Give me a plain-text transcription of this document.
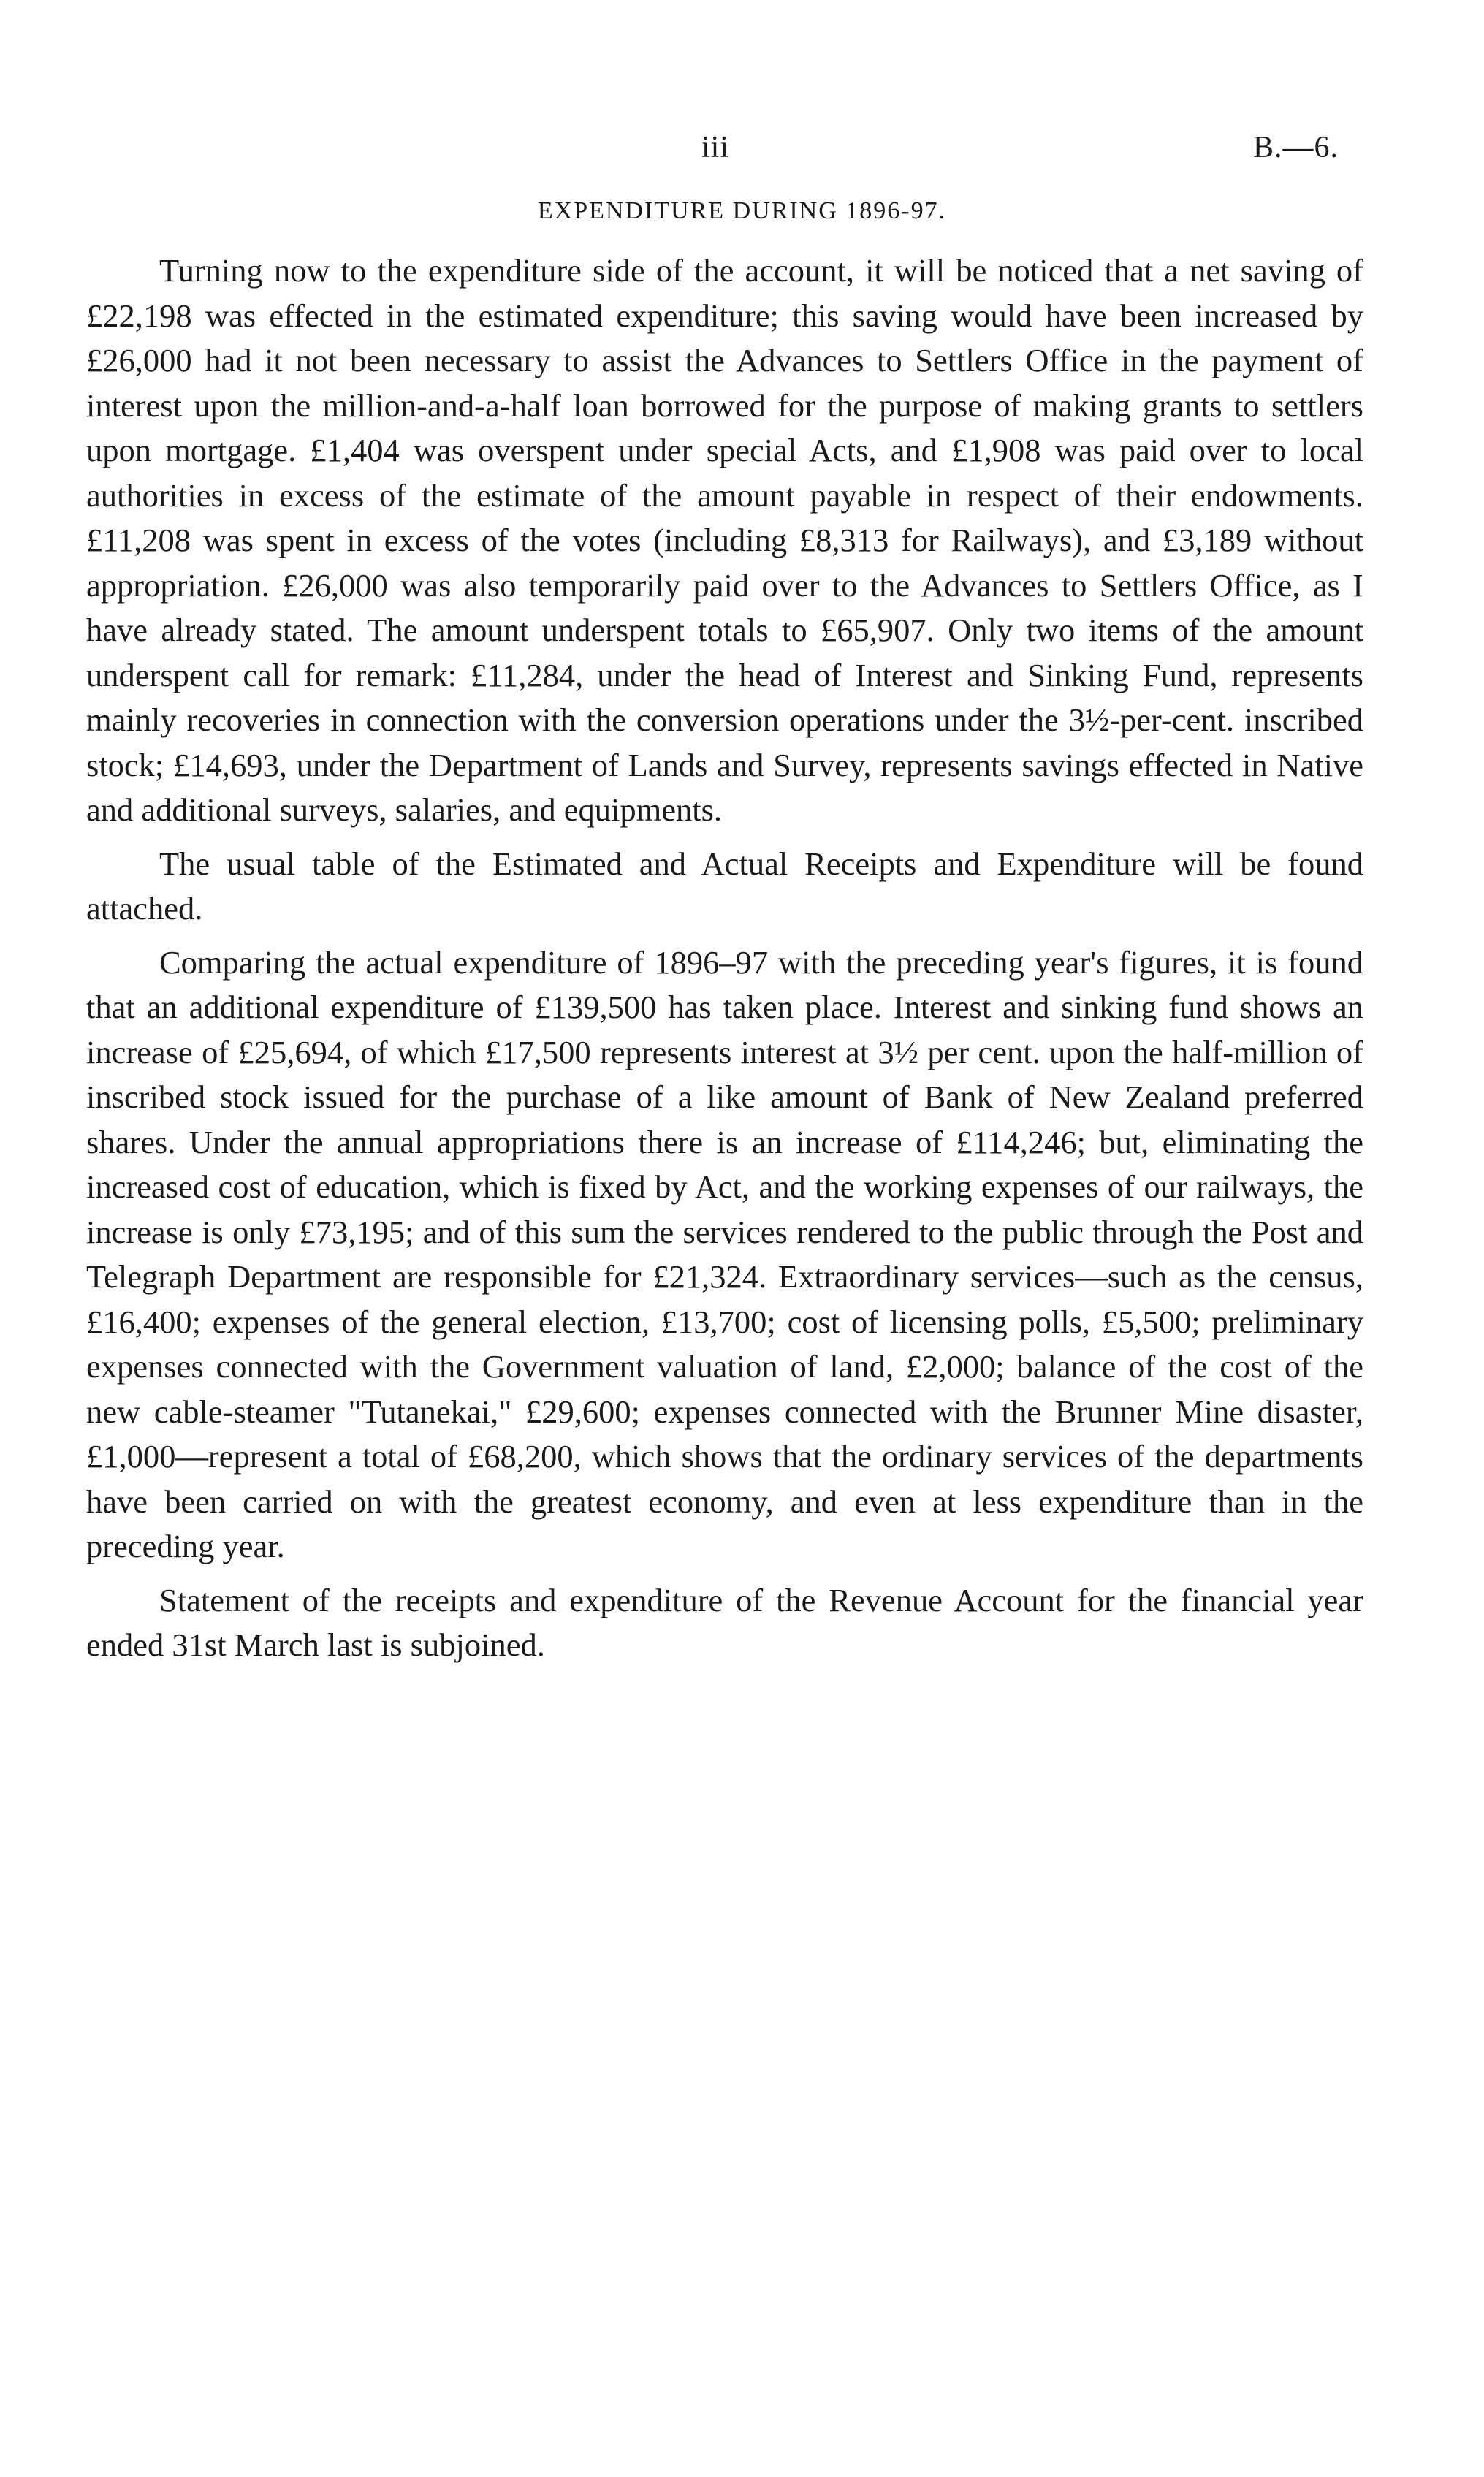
iii	B.—6.
EXPENDITURE DURING 1896-97.

Turning now to the expenditure side of the account, it will be noticed that a net saving of £22,198 was effected in the estimated expenditure; this saving would have been increased by £26,000 had it not been necessary to assist the Advances to Settlers Office in the payment of interest upon the million-and-a-half loan borrowed for the purpose of making grants to settlers upon mortgage. £1,404 was overspent under special Acts, and £1,908 was paid over to local authorities in excess of the estimate of the amount payable in respect of their endowments. £11,208 was spent in excess of the votes (including £8,313 for Railways), and £3,189 without appropriation. £26,000 was also temporarily paid over to the Advances to Settlers Office, as I have already stated. The amount underspent totals to £65,907. Only two items of the amount underspent call for remark: £11,284, under the head of Interest and Sinking Fund, represents mainly recoveries in connection with the conversion operations under the 3½-per-cent. inscribed stock; £14,693, under the Department of Lands and Survey, represents savings effected in Native and additional surveys, salaries, and equipments.

The usual table of the Estimated and Actual Receipts and Expenditure will be found attached.

Comparing the actual expenditure of 1896–97 with the preceding year's figures, it is found that an additional expenditure of £139,500 has taken place. Interest and sinking fund shows an increase of £25,694, of which £17,500 represents interest at 3½ per cent. upon the half-million of inscribed stock issued for the purchase of a like amount of Bank of New Zealand preferred shares. Under the annual appropriations there is an increase of £114,246; but, eliminating the increased cost of education, which is fixed by Act, and the working expenses of our railways, the increase is only £73,195; and of this sum the services rendered to the public through the Post and Telegraph Department are responsible for £21,324. Extraordinary services—such as the census, £16,400; expenses of the general election, £13,700; cost of licensing polls, £5,500; preliminary expenses connected with the Government valuation of land, £2,000; balance of the cost of the new cable-steamer "Tutanekai," £29,600; expenses connected with the Brunner Mine disaster, £1,000—represent a total of £68,200, which shows that the ordinary services of the departments have been carried on with the greatest economy, and even at less expenditure than in the preceding year.

Statement of the receipts and expenditure of the Revenue Account for the financial year ended 31st March last is subjoined.
